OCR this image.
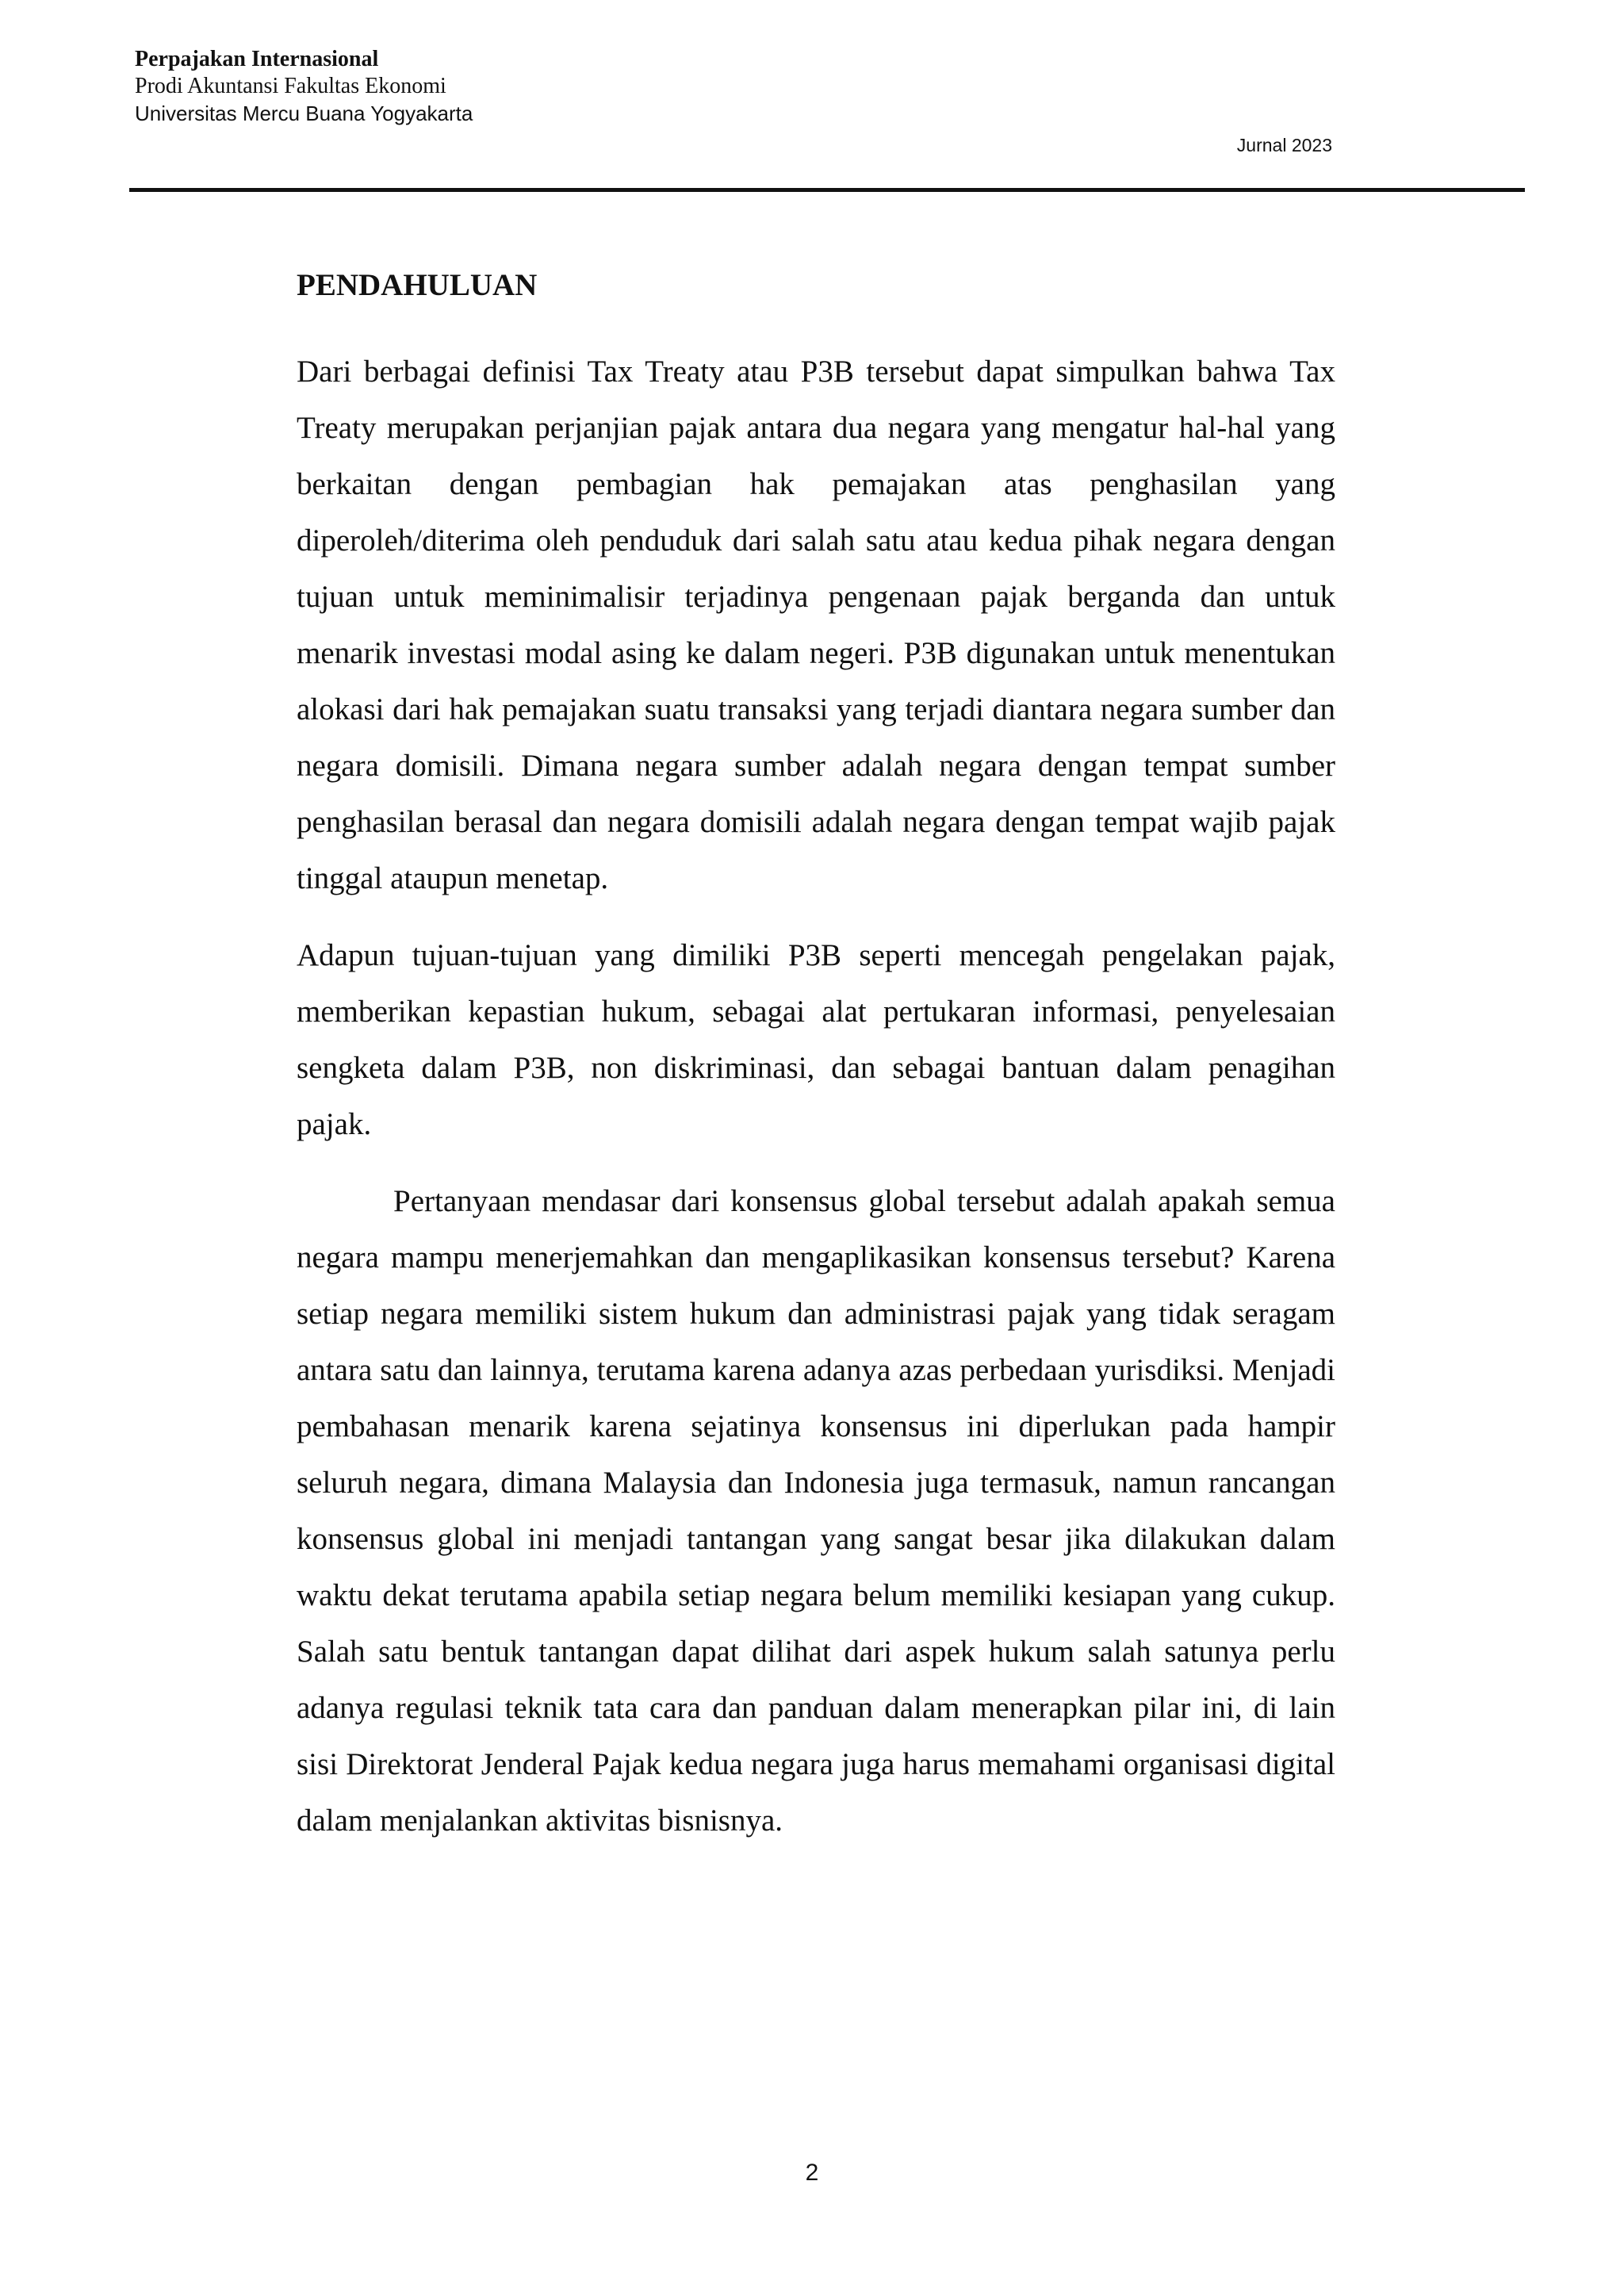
Perpajakan Internasional
Prodi Akuntansi Fakultas Ekonomi
Universitas Mercu Buana Yogyakarta
Jurnal 2023
PENDAHULUAN

Dari berbagai definisi Tax Treaty atau P3B tersebut dapat simpulkan bahwa Tax Treaty merupakan perjanjian pajak antara dua negara yang mengatur hal-hal yang berkaitan dengan pembagian hak pemajakan atas penghasilan yang diperoleh/diterima oleh penduduk dari salah satu atau kedua pihak negara dengan tujuan untuk meminimalisir terjadinya pengenaan pajak berganda dan untuk menarik investasi modal asing ke dalam negeri. P3B digunakan untuk menentukan alokasi dari hak pemajakan suatu transaksi yang terjadi diantara negara sumber dan negara domisili. Dimana negara sumber adalah negara dengan tempat sumber penghasilan berasal dan negara domisili adalah negara dengan tempat wajib pajak tinggal ataupun menetap.

Adapun tujuan-tujuan yang dimiliki P3B seperti mencegah pengelakan pajak, memberikan kepastian hukum, sebagai alat pertukaran informasi, penyelesaian sengketa dalam P3B, non diskriminasi, dan sebagai bantuan dalam penagihan pajak.

Pertanyaan mendasar dari konsensus global tersebut adalah apakah semua negara mampu menerjemahkan dan mengaplikasikan konsensus tersebut? Karena setiap negara memiliki sistem hukum dan administrasi pajak yang tidak seragam antara satu dan lainnya, terutama karena adanya azas perbedaan yurisdiksi. Menjadi pembahasan menarik karena sejatinya konsensus ini diperlukan pada hampir seluruh negara, dimana Malaysia dan Indonesia juga termasuk, namun rancangan konsensus global ini menjadi tantangan yang sangat besar jika dilakukan dalam waktu dekat terutama apabila setiap negara belum memiliki kesiapan yang cukup. Salah satu bentuk tantangan dapat dilihat dari aspek hukum salah satunya perlu adanya regulasi teknik tata cara dan panduan dalam menerapkan pilar ini, di lain sisi Direktorat Jenderal Pajak kedua negara juga harus memahami organisasi digital dalam menjalankan aktivitas bisnisnya.

2
